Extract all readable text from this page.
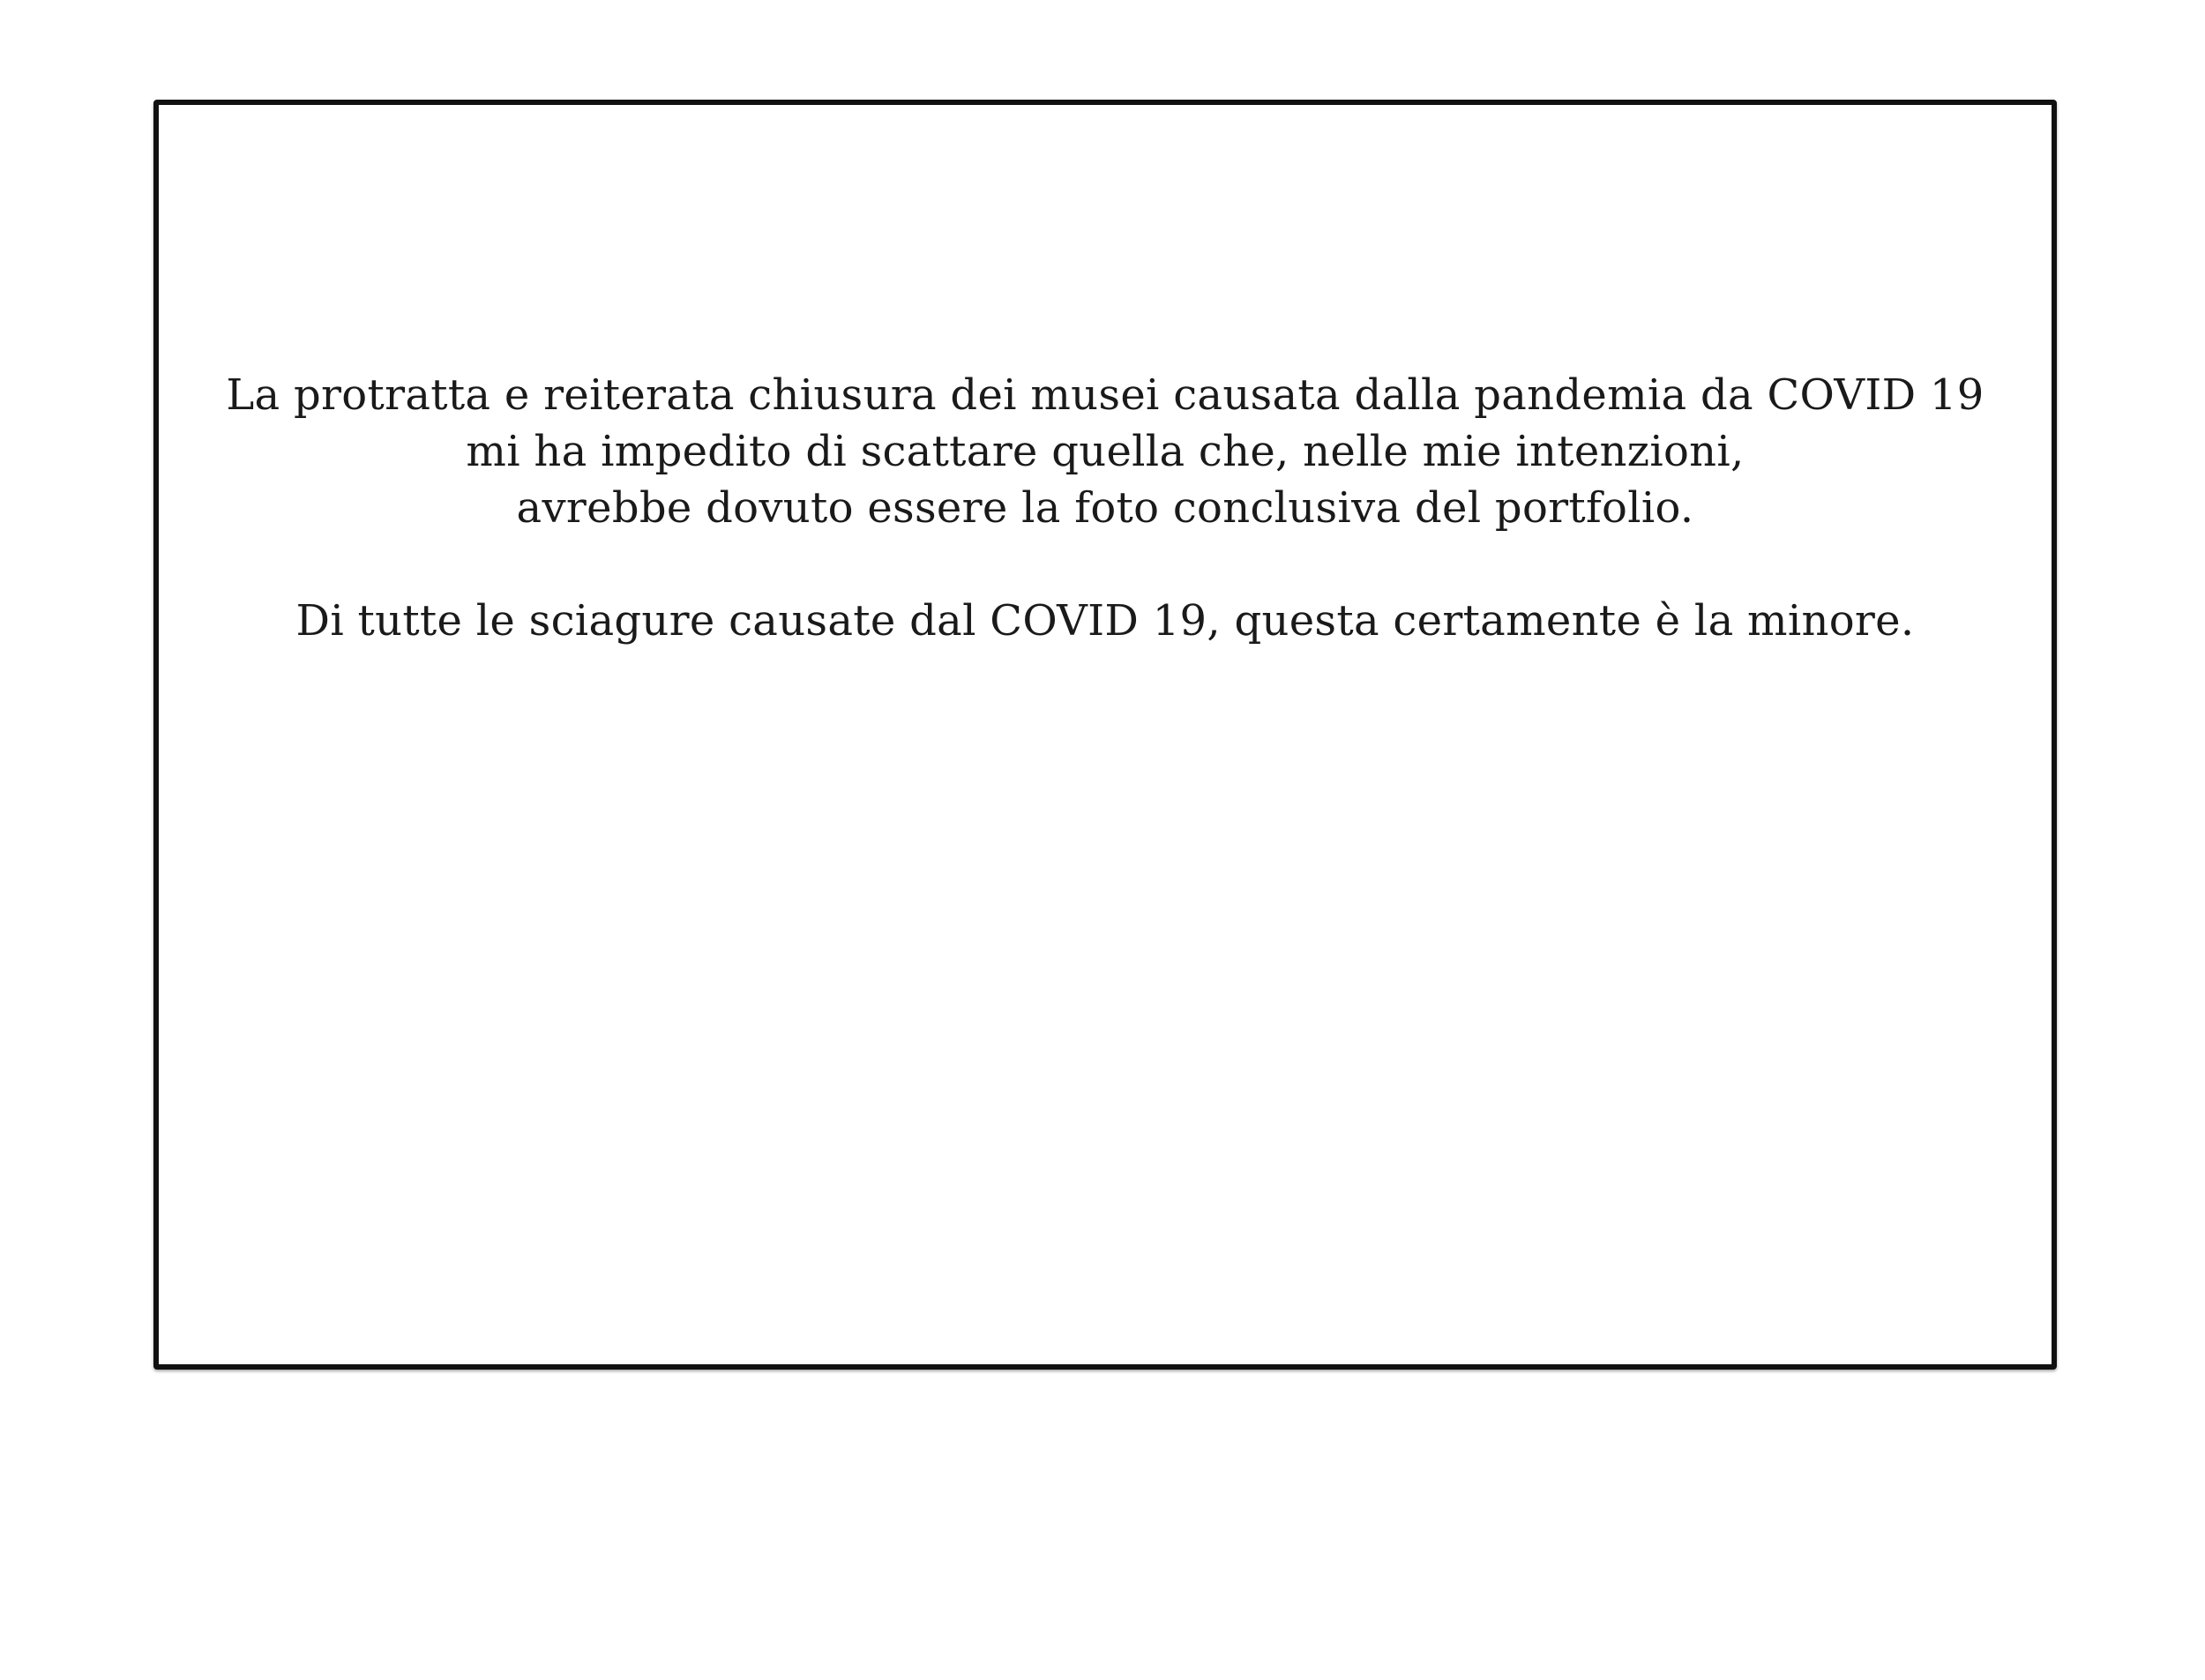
La protratta e reiterata chiusura dei musei causata dalla pandemia da COVID 19
mi ha impedito di scattare quella che, nelle mie intenzioni,
avrebbe dovuto essere la foto conclusiva del portfolio.
Di tutte le sciagure causate dal COVID 19, questa certamente è la minore.
